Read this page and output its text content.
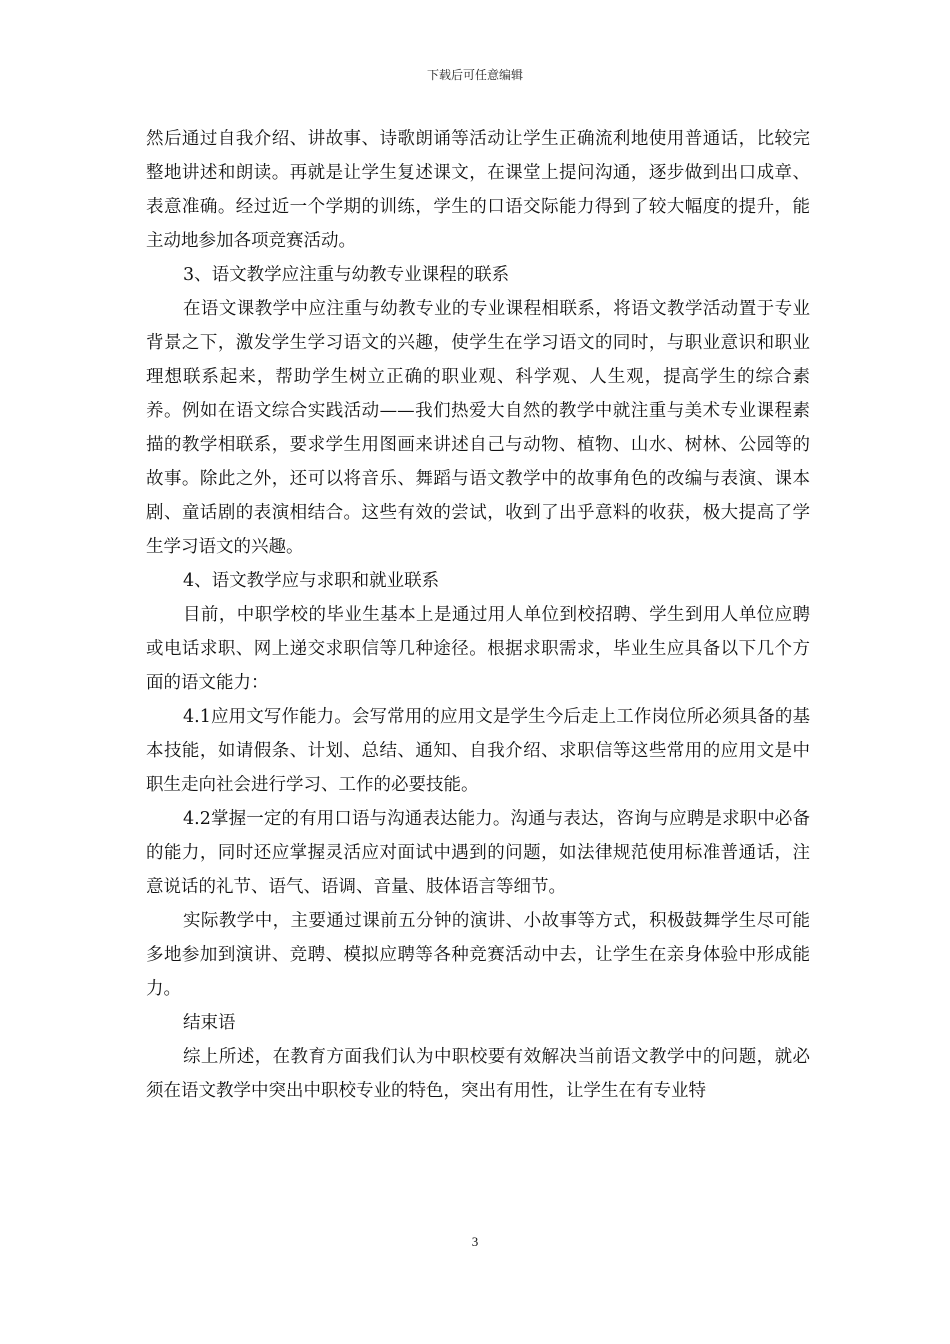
下载后可任意编辑

然后通过自我介绍、讲故事、诗歌朗诵等活动让学生正确流利地使用普通话，比较完整地讲述和朗读。再就是让学生复述课文，在课堂上提问沟通，逐步做到出口成章、表意准确。经过近一个学期的训练，学生的口语交际能力得到了较大幅度的提升，能主动地参加各项竞赛活动。

3、语文教学应注重与幼教专业课程的联系

在语文课教学中应注重与幼教专业的专业课程相联系，将语文教学活动置于专业背景之下，激发学生学习语文的兴趣，使学生在学习语文的同时，与职业意识和职业理想联系起来，帮助学生树立正确的职业观、科学观、人生观，提高学生的综合素养。例如在语文综合实践活动——我们热爱大自然的教学中就注重与美术专业课程素描的教学相联系，要求学生用图画来讲述自己与动物、植物、山水、树林、公园等的故事。除此之外，还可以将音乐、舞蹈与语文教学中的故事角色的改编与表演、课本剧、童话剧的表演相结合。这些有效的尝试，收到了出乎意料的收获，极大提高了学生学习语文的兴趣。

4、语文教学应与求职和就业联系

目前，中职学校的毕业生基本上是通过用人单位到校招聘、学生到用人单位应聘或电话求职、网上递交求职信等几种途径。根据求职需求，毕业生应具备以下几个方面的语文能力：

4.1应用文写作能力。会写常用的应用文是学生今后走上工作岗位所必须具备的基本技能，如请假条、计划、总结、通知、自我介绍、求职信等这些常用的应用文是中职生走向社会进行学习、工作的必要技能。

4.2掌握一定的有用口语与沟通表达能力。沟通与表达，咨询与应聘是求职中必备的能力，同时还应掌握灵活应对面试中遇到的问题，如法律规范使用标准普通话，注意说话的礼节、语气、语调、音量、肢体语言等细节。

实际教学中，主要通过课前五分钟的演讲、小故事等方式，积极鼓舞学生尽可能多地参加到演讲、竞聘、模拟应聘等各种竞赛活动中去，让学生在亲身体验中形成能力。

结束语

综上所述，在教育方面我们认为中职校要有效解决当前语文教学中的问题，就必须在语文教学中突出中职校专业的特色，突出有用性，让学生在有专业特

3
